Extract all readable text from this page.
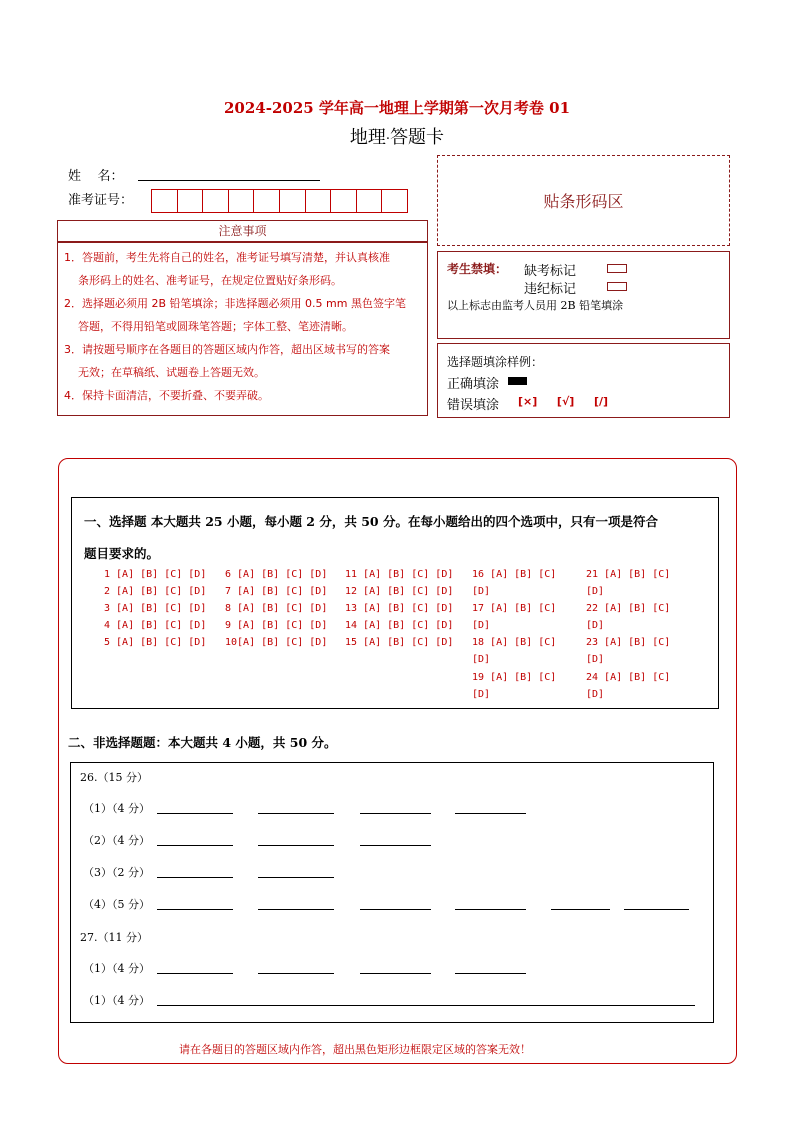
2024-2025 学年高一地理上学期第一次月考卷 01
地理·答题卡
姓    名：
准考证号：
注意事项
1．答题前，考生先将自己的姓名，准考证号填写清楚，并认真核准
条形码上的姓名、准考证号，在规定位置贴好条形码。
2．选择题必须用 2B 铅笔填涂；非选择题必须用 0.5 mm 黑色签字笔
答题，不得用铅笔或圆珠笔答题；字体工整、笔迹清晰。
3．请按题号顺序在各题目的答题区域内作答，超出区域书写的答案
无效；在草稿纸、试题卷上答题无效。
4．保持卡面清洁，不要折叠、不要弄破。
贴条形码区
考生禁填： 缺考标记
违纪标记
以上标志由监考人员用 2B 铅笔填涂
选择题填涂样例：
正确填涂
错误填涂 [×]  [√]  [/]
一、选择题 本大题共 25 小题，每小题 2 分，共 50 分。在每小题给出的四个选项中，只有一项是符合
题目要求的。
1 [A] [B] [C] [D]
2 [A] [B] [C] [D]
3 [A] [B] [C] [D]
4 [A] [B] [C] [D]
5 [A] [B] [C] [D]
6 [A] [B] [C] [D]
7 [A] [B] [C] [D]
8 [A] [B] [C] [D]
9 [A] [B] [C] [D]
10[A] [B] [C] [D]
11 [A] [B] [C] [D]
12 [A] [B] [C] [D]
13 [A] [B] [C] [D]
14 [A] [B] [C] [D]
15 [A] [B] [C] [D]
16 [A] [B] [C]
[D]
17 [A] [B] [C]
[D]
18 [A] [B] [C]
[D]
19 [A] [B] [C]
[D]
21 [A] [B] [C]
[D]
22 [A] [B] [C]
[D]
23 [A] [B] [C]
[D]
24 [A] [B] [C]
[D]
二、非选择题题：本大题共 4 小题，共 50 分。
26.（15 分）
（1）（4 分）
（2）（4 分）
（3）（2 分）
（4）（5 分）
27.（11 分）
（1）（4 分）
（1）（4 分）
请在各题目的答题区域内作答，超出黑色矩形边框限定区域的答案无效！
